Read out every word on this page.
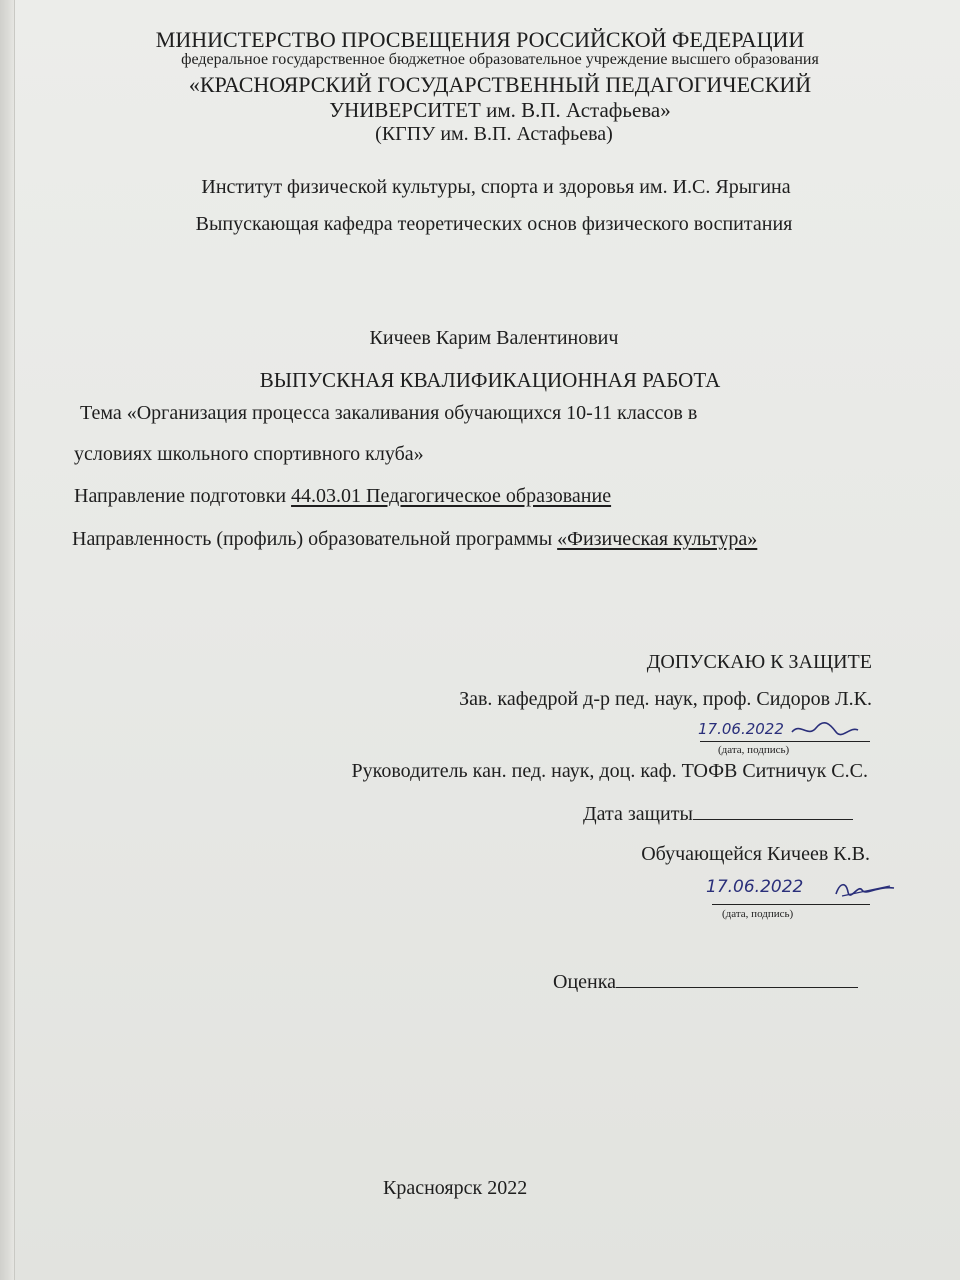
МИНИСТЕРСТВО ПРОСВЕЩЕНИЯ РОССИЙСКОЙ ФЕДЕРАЦИИ
федеральное государственное бюджетное образовательное учреждение высшего образования
«КРАСНОЯРСКИЙ ГОСУДАРСТВЕННЫЙ ПЕДАГОГИЧЕСКИЙ
УНИВЕРСИТЕТ им. В.П. Астафьева»
(КГПУ им. В.П. Астафьева)
Институт физической культуры, спорта и здоровья им. И.С. Ярыгина
Выпускающая кафедра теоретических основ физического воспитания
Кичеев Карим Валентинович
ВЫПУСКНАЯ КВАЛИФИКАЦИОННАЯ РАБОТА
Тема «Организация процесса закаливания обучающихся 10-11 классов в
условиях школьного спортивного клуба»
Направление подготовки 44.03.01 Педагогическое образование
Направленность (профиль) образовательной программы «Физическая культура»
ДОПУСКАЮ К ЗАЩИТЕ
Зав. кафедрой д-р пед. наук, проф. Сидоров Л.К.
17.06.2022
(дата, подпись)
Руководитель кан. пед. наук, доц. каф. ТОФВ Ситничук С.С.
Дата защиты
Обучающейся Кичеев К.В.
17.06.2022
(дата, подпись)
Оценка
Красноярск 2022
